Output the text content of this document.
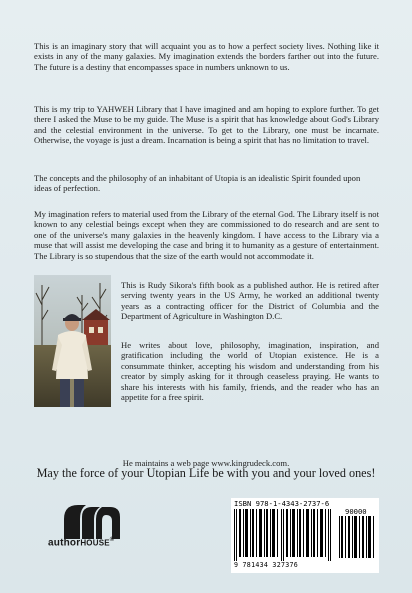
This is an imaginary story that will acquaint you as to how a perfect society lives. Nothing like it exists in any of the many galaxies. My imagination extends the borders farther out into the future. The future is a destiny that encompasses space in numbers unknown to us.

This is my trip to YAHWEH Library that I have imagined and am hoping to explore further. To get there I asked the Muse to be my guide. The Muse is a spirit that has knowledge about God's Library and the celestial environment in the universe. To get to the Library, one must be incarnate. Otherwise, the voyage is just a dream. Incarnation is being a spirit that has no limitation to travel.

The concepts and the philosophy of an inhabitant of Utopia is an idealistic Spirit founded upon ideas of perfection.

My imagination refers to material used from the Library of the eternal God. The Library itself is not known to any celestial beings except when they are commissioned to do research and are sent to one of the universe's many galaxies in the heavenly kingdom. I have access to the Library via a muse that will assist me developing the case and bring it to humanity as a gesture of entertainment. The Library is so stupendous that the size of the earth would not accommodate it.

This is Rudy Sikora's fifth book as a published author. He is retired after serving twenty years in the US Army, he worked an additional twenty years as a contracting officer for the District of Columbia and the Department of Agriculture in Washington D.C.

He writes about love, philosophy, imagination, inspiration, and gratification including the world of Utopian existence. He is a consummate thinker, accepting his wisdom and understanding from his creator by simply asking for it through ceaseless praying. He wants to share his interests with his family, friends, and the reader who has an appetite for a free spirit.

He maintains a web page www.kingrudeck.com.
May the force of your Utopian Life be with you and your loved ones!
authorHOUSE®
ISBN 978-1-4343-2737-6
90000
9 781434 327376
